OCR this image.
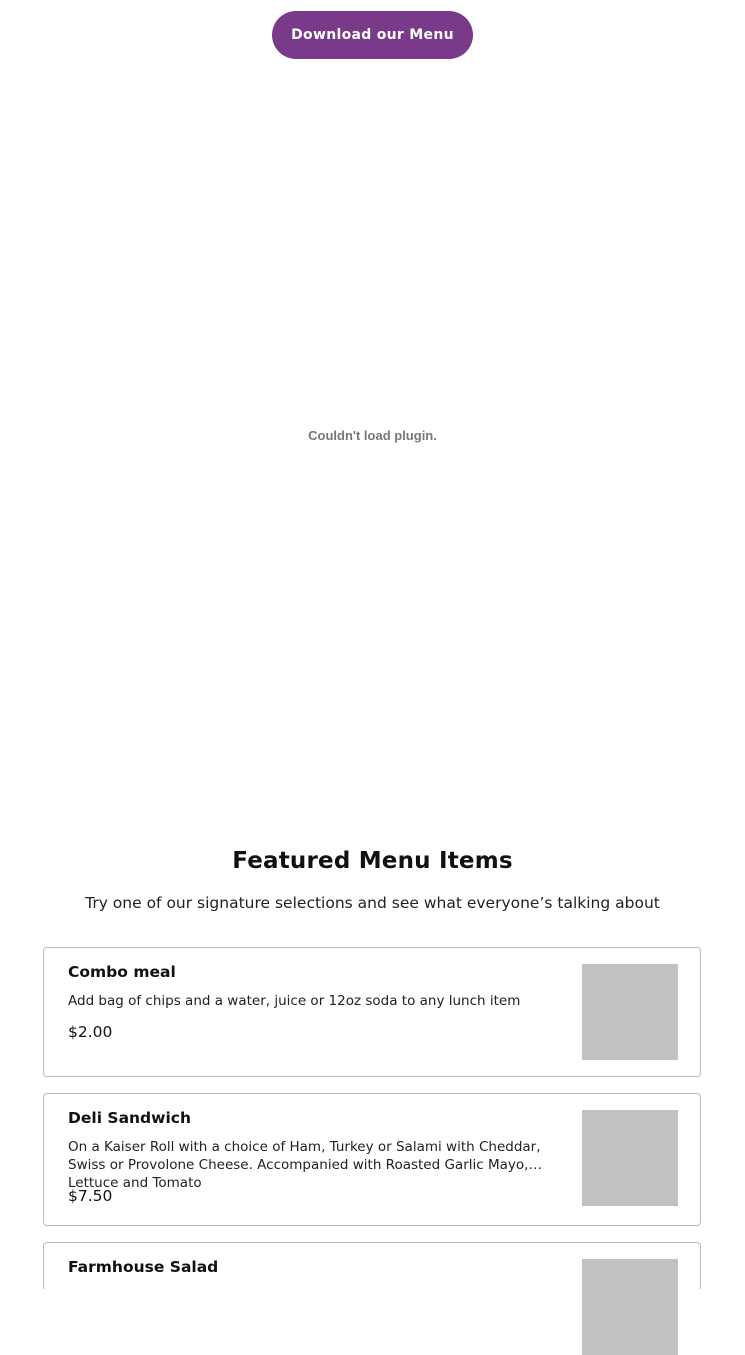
Download our Menu
Couldn't load plugin.
Featured Menu Items

Try one of our signature selections and see what everyone’s talking about

Combo meal

Add bag of chips and a water, juice or 12oz soda to any lunch item

$2.00

Deli Sandwich

On a Kaiser Roll with a choice of Ham, Turkey or Salami with Cheddar, Swiss or Provolone Cheese. Accompanied with Roasted Garlic Mayo, Lettuce and Tomato

$7.50

Farmhouse Salad
